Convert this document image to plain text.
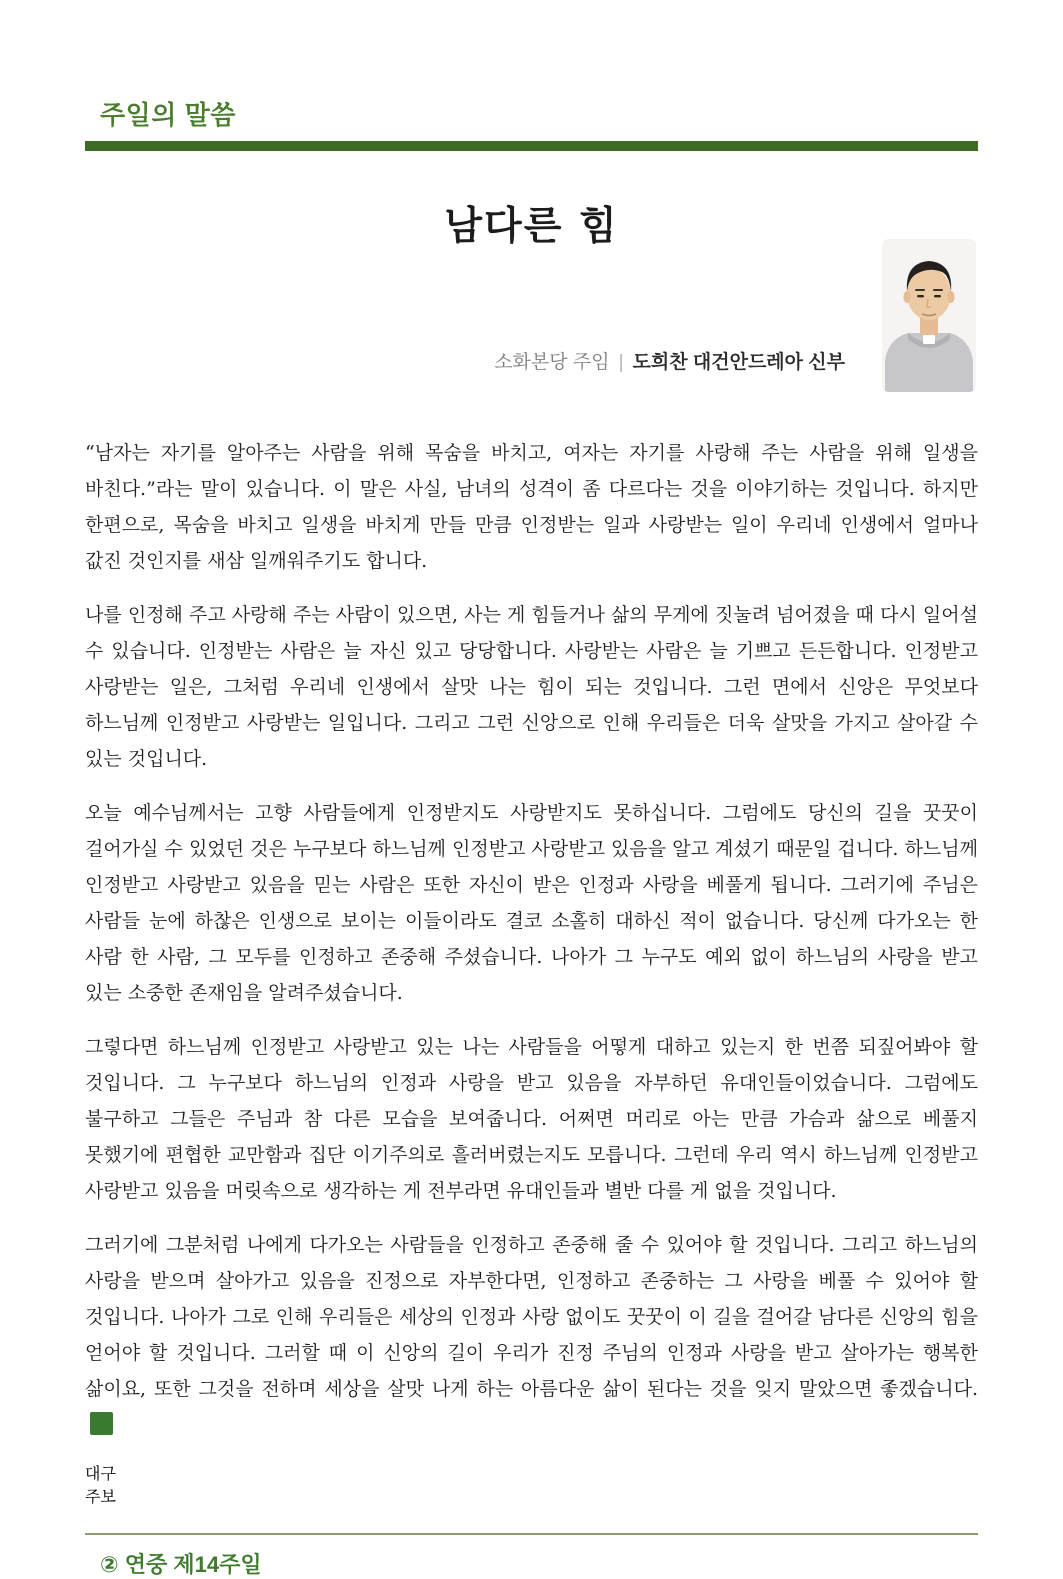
주일의 말씀
남다른 힘
소화본당 주임 | 도희찬 대건안드레아 신부

“남자는 자기를 알아주는 사람을 위해 목숨을 바치고, 여자는 자기를 사랑해 주는 사람을 위해 일생을 바친다.”라는 말이 있습니다. 이 말은 사실, 남녀의 성격이 좀 다르다는 것을 이야기하는 것입니다. 하지만 한편으로, 목숨을 바치고 일생을 바치게 만들 만큼 인정받는 일과 사랑받는 일이 우리네 인생에서 얼마나 값진 것인지를 새삼 일깨워주기도 합니다.

나를 인정해 주고 사랑해 주는 사람이 있으면, 사는 게 힘들거나 삶의 무게에 짓눌려 넘어졌을 때 다시 일어설 수 있습니다. 인정받는 사람은 늘 자신 있고 당당합니다. 사랑받는 사람은 늘 기쁘고 든든합니다. 인정받고 사랑받는 일은, 그처럼 우리네 인생에서 살맛 나는 힘이 되는 것입니다. 그런 면에서 신앙은 무엇보다 하느님께 인정받고 사랑받는 일입니다. 그리고 그런 신앙으로 인해 우리들은 더욱 살맛을 가지고 살아갈 수 있는 것입니다.

오늘 예수님께서는 고향 사람들에게 인정받지도 사랑받지도 못하십니다. 그럼에도 당신의 길을 꿋꿋이 걸어가실 수 있었던 것은 누구보다 하느님께 인정받고 사랑받고 있음을 알고 계셨기 때문일 겁니다. 하느님께 인정받고 사랑받고 있음을 믿는 사람은 또한 자신이 받은 인정과 사랑을 베풀게 됩니다. 그러기에 주님은 사람들 눈에 하찮은 인생으로 보이는 이들이라도 결코 소홀히 대하신 적이 없습니다. 당신께 다가오는 한 사람 한 사람, 그 모두를 인정하고 존중해 주셨습니다. 나아가 그 누구도 예외 없이 하느님의 사랑을 받고 있는 소중한 존재임을 알려주셨습니다.

그렇다면 하느님께 인정받고 사랑받고 있는 나는 사람들을 어떻게 대하고 있는지 한 번쯤 되짚어봐야 할 것입니다. 그 누구보다 하느님의 인정과 사랑을 받고 있음을 자부하던 유대인들이었습니다. 그럼에도 불구하고 그들은 주님과 참 다른 모습을 보여줍니다. 어쩌면 머리로 아는 만큼 가슴과 삶으로 베풀지 못했기에 편협한 교만함과 집단 이기주의로 흘러버렸는지도 모릅니다. 그런데 우리 역시 하느님께 인정받고 사랑받고 있음을 머릿속으로 생각하는 게 전부라면 유대인들과 별반 다를 게 없을 것입니다.

그러기에 그분처럼 나에게 다가오는 사람들을 인정하고 존중해 줄 수 있어야 할 것입니다. 그리고 하느님의 사랑을 받으며 살아가고 있음을 진정으로 자부한다면, 인정하고 존중하는 그 사랑을 베풀 수 있어야 할 것입니다. 나아가 그로 인해 우리들은 세상의 인정과 사랑 없이도 꿋꿋이 이 길을 걸어갈 남다른 신앙의 힘을 얻어야 할 것입니다. 그러할 때 이 신앙의 길이 우리가 진정 주님의 인정과 사랑을 받고 살아가는 행복한 삶이요, 또한 그것을 전하며 세상을 살맛 나게 하는 아름다운 삶이 된다는 것을 잊지 말았으면 좋겠습니다.

대구
주보

② 연중 제14주일
